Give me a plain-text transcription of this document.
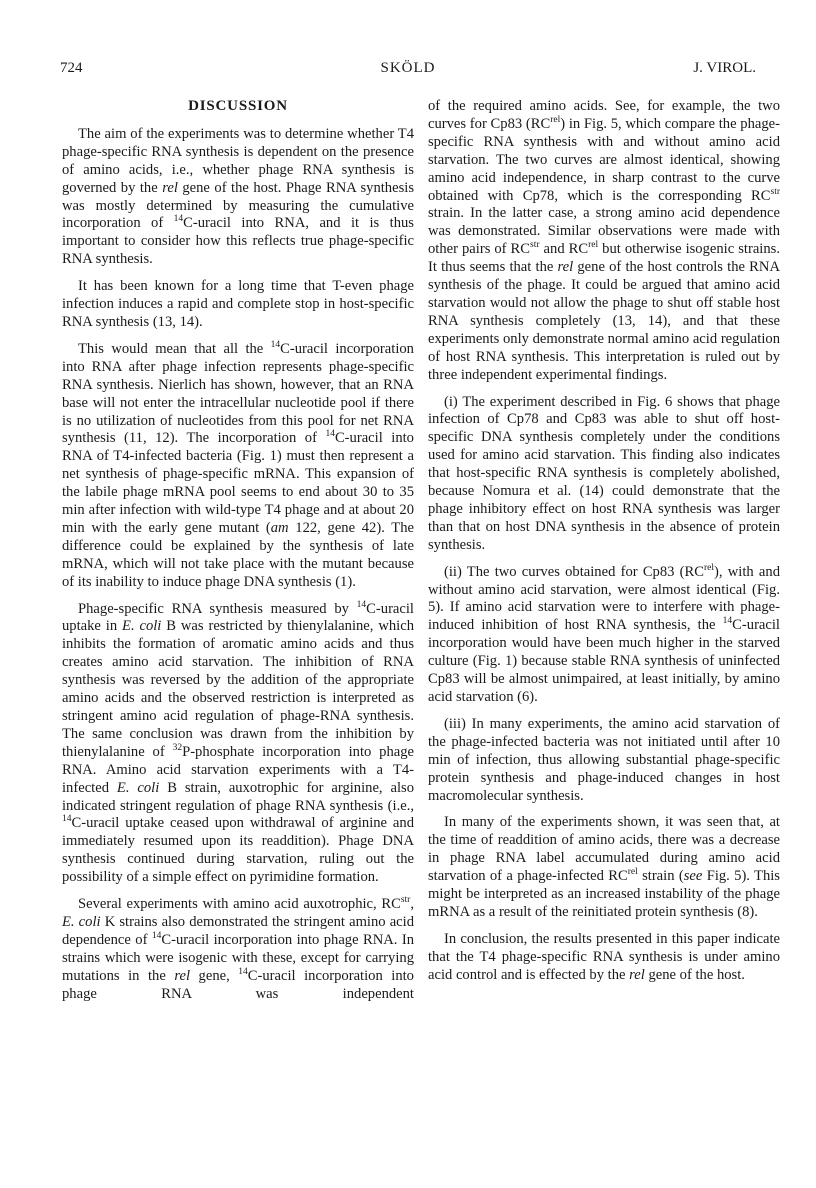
724	SKÖLD	J. VIROL.
DISCUSSION

The aim of the experiments was to determine whether T4 phage-specific RNA synthesis is dependent on the presence of amino acids, i.e., whether phage RNA synthesis is governed by the rel gene of the host. Phage RNA synthesis was mostly determined by measuring the cumulative incorporation of $^{14}$C-uracil into RNA, and it is thus important to consider how this reflects true phage-specific RNA synthesis.

It has been known for a long time that T-even phage infection induces a rapid and complete stop in host-specific RNA synthesis (13, 14).

This would mean that all the $^{14}$C-uracil incorporation into RNA after phage infection represents phage-specific RNA synthesis. Nierlich has shown, however, that an RNA base will not enter the intracellular nucleotide pool if there is no utilization of nucleotides from this pool for net RNA synthesis (11, 12). The incorporation of $^{14}$C-uracil into RNA of T4-infected bacteria (Fig. 1) must then represent a net synthesis of phage-specific mRNA. This expansion of the labile phage mRNA pool seems to end about 30 to 35 min after infection with wild-type T4 phage and at about 20 min with the early gene mutant (am 122, gene 42). The difference could be explained by the synthesis of late mRNA, which will not take place with the mutant because of its inability to induce phage DNA synthesis (1).

Phage-specific RNA synthesis measured by $^{14}$C-uracil uptake in E. coli B was restricted by thienylalanine, which inhibits the formation of aromatic amino acids and thus creates amino acid starvation. The inhibition of RNA synthesis was reversed by the addition of the appropriate amino acids and the observed restriction is interpreted as stringent amino acid regulation of phage-RNA synthesis. The same conclusion was drawn from the inhibition by thienylalanine of $^{32}$P-phosphate incorporation into phage RNA. Amino acid starvation experiments with a T4-infected E. coli B strain, auxotrophic for arginine, also indicated stringent regulation of phage RNA synthesis (i.e., $^{14}$C-uracil uptake ceased upon withdrawal of arginine and immediately resumed upon its readdition). Phage DNA synthesis continued during starvation, ruling out the possibility of a simple effect on pyrimidine formation.

Several experiments with amino acid auxotrophic, $RC^{str}$, E. coli K strains also demonstrated the stringent amino acid dependence of $^{14}$C-uracil incorporation into phage RNA. In strains which were isogenic with these, except for carrying mutations in the rel gene, $^{14}$C-uracil incorporation into phage RNA was independent

of the required amino acids. See, for example, the two curves for Cp83 $(RC^{rel})$ in Fig. 5, which compare the phage-specific RNA synthesis with and without amino acid starvation. The two curves are almost identical, showing amino acid independence, in sharp contrast to the curve obtained with Cp78, which is the corresponding $RC^{str}$ strain. In the latter case, a strong amino acid dependence was demonstrated. Similar observations were made with other pairs of $RC^{str}$ and $RC^{rel}$ but otherwise isogenic strains. It thus seems that the rel gene of the host controls the RNA synthesis of the phage. It could be argued that amino acid starvation would not allow the phage to shut off stable host RNA synthesis completely (13, 14), and that these experiments only demonstrate normal amino acid regulation of host RNA synthesis. This interpretation is ruled out by three independent experimental findings.

(i) The experiment described in Fig. 6 shows that phage infection of Cp78 and Cp83 was able to shut off host-specific DNA synthesis completely under the conditions used for amino acid starvation. This finding also indicates that host-specific RNA synthesis is completely abolished, because Nomura et al. (14) could demonstrate that the phage inhibitory effect on host RNA synthesis was larger than that on host DNA synthesis in the absence of protein synthesis.

(ii) The two curves obtained for Cp83 $(RC^{rel})$, with and without amino acid starvation, were almost identical (Fig. 5). If amino acid starvation were to interfere with phage-induced inhibition of host RNA synthesis, the $^{14}$C-uracil incorporation would have been much higher in the starved culture (Fig. 1) because stable RNA synthesis of uninfected Cp83 will be almost unimpaired, at least initially, by amino acid starvation (6).

(iii) In many experiments, the amino acid starvation of the phage-infected bacteria was not initiated until after 10 min of infection, thus allowing substantial phage-specific protein synthesis and phage-induced changes in host macromolecular synthesis.

In many of the experiments shown, it was seen that, at the time of readdition of amino acids, there was a decrease in phage RNA label accumulated during amino acid starvation of a phage-infected $RC^{rel}$ strain (see Fig. 5). This might be interpreted as an increased instability of the phage mRNA as a result of the reinitiated protein synthesis (8).

In conclusion, the results presented in this paper indicate that the T4 phage-specific RNA synthesis is under amino acid control and is effected by the rel gene of the host.
